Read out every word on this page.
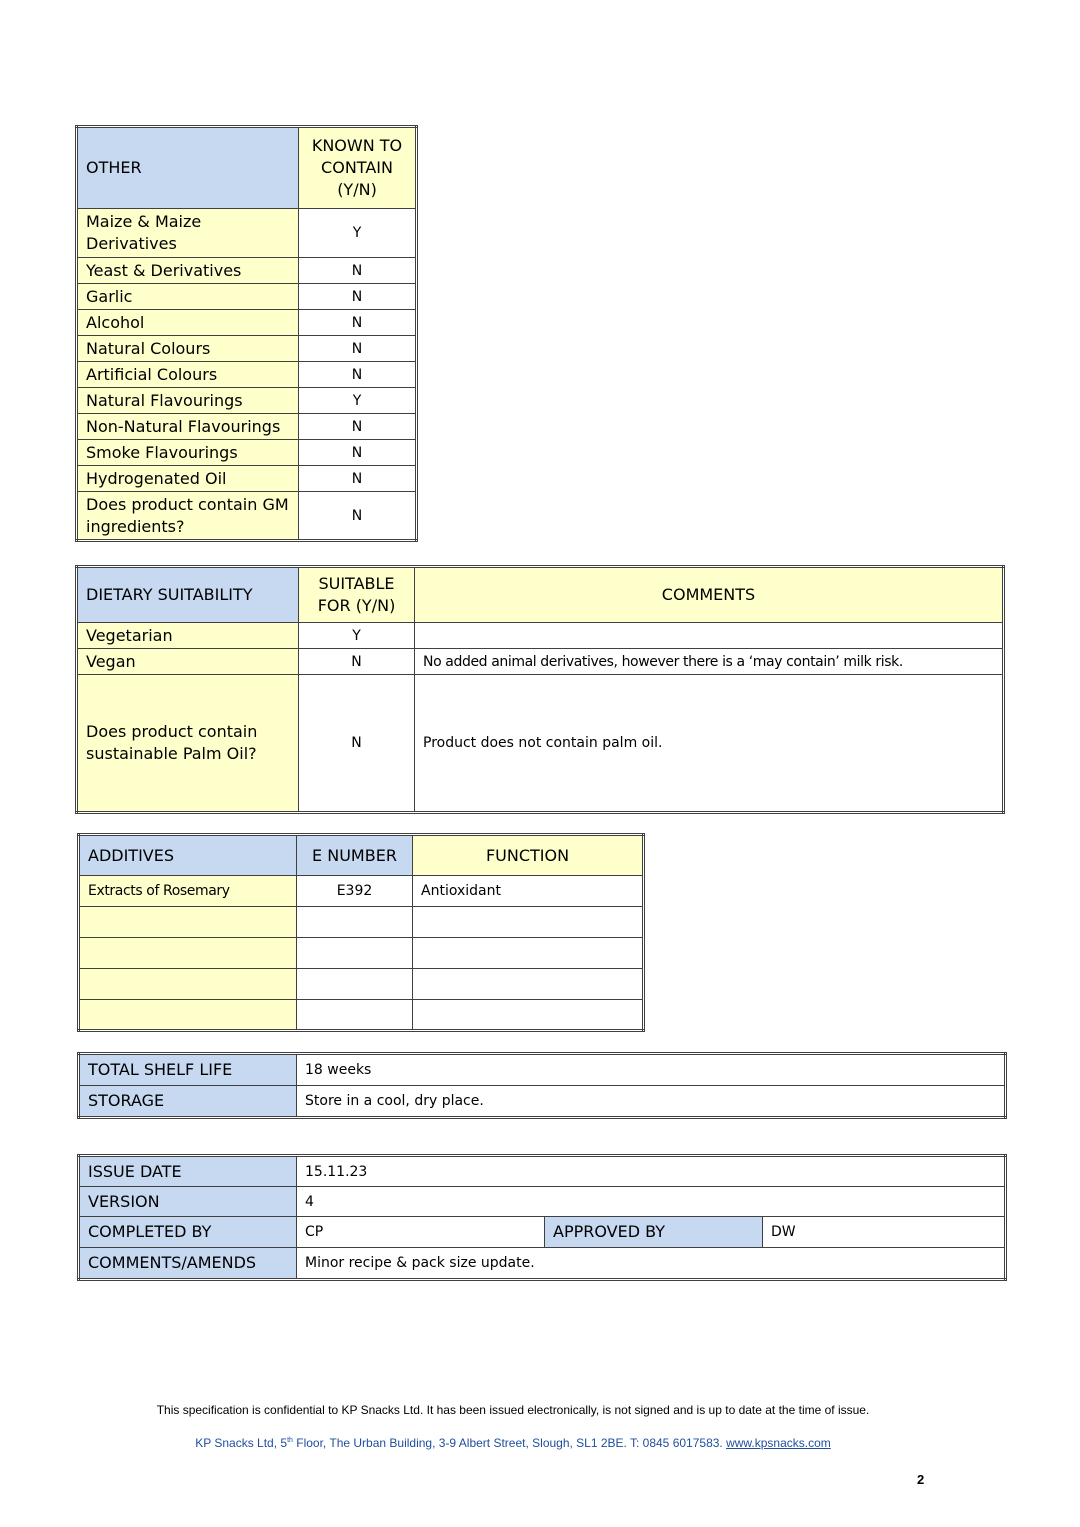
OTHER	KNOWN TO CONTAIN (Y/N)
Maize & Maize Derivatives	Y
Yeast & Derivatives	N
Garlic	N
Alcohol	N
Natural Colours	N
Artificial Colours	N
Natural Flavourings	Y
Non-Natural Flavourings	N
Smoke Flavourings	N
Hydrogenated Oil	N
Does product contain GM ingredients?	N
DIETARY SUITABILITY	SUITABLE FOR (Y/N)	COMMENTS
Vegetarian	Y	
Vegan	N	No added animal derivatives, however there is a ‘may contain’ milk risk.
Does product contain sustainable Palm Oil?	N	Product does not contain palm oil.
ADDITIVES	E NUMBER	FUNCTION
Extracts of Rosemary	E392	Antioxidant

TOTAL SHELF LIFE	18 weeks
STORAGE	Store in a cool, dry place.
ISSUE DATE	15.11.23		
VERSION	4		
COMPLETED BY	CP	APPROVED BY	DW
COMMENTS/AMENDS	Minor recipe & pack size update.		
This specification is confidential to KP Snacks Ltd. It has been issued electronically, is not signed and is up to date at the time of issue.
KP Snacks Ltd, 5th Floor, The Urban Building, 3-9 Albert Street, Slough, SL1 2BE. T: 0845 6017583. www.kpsnacks.com
2
